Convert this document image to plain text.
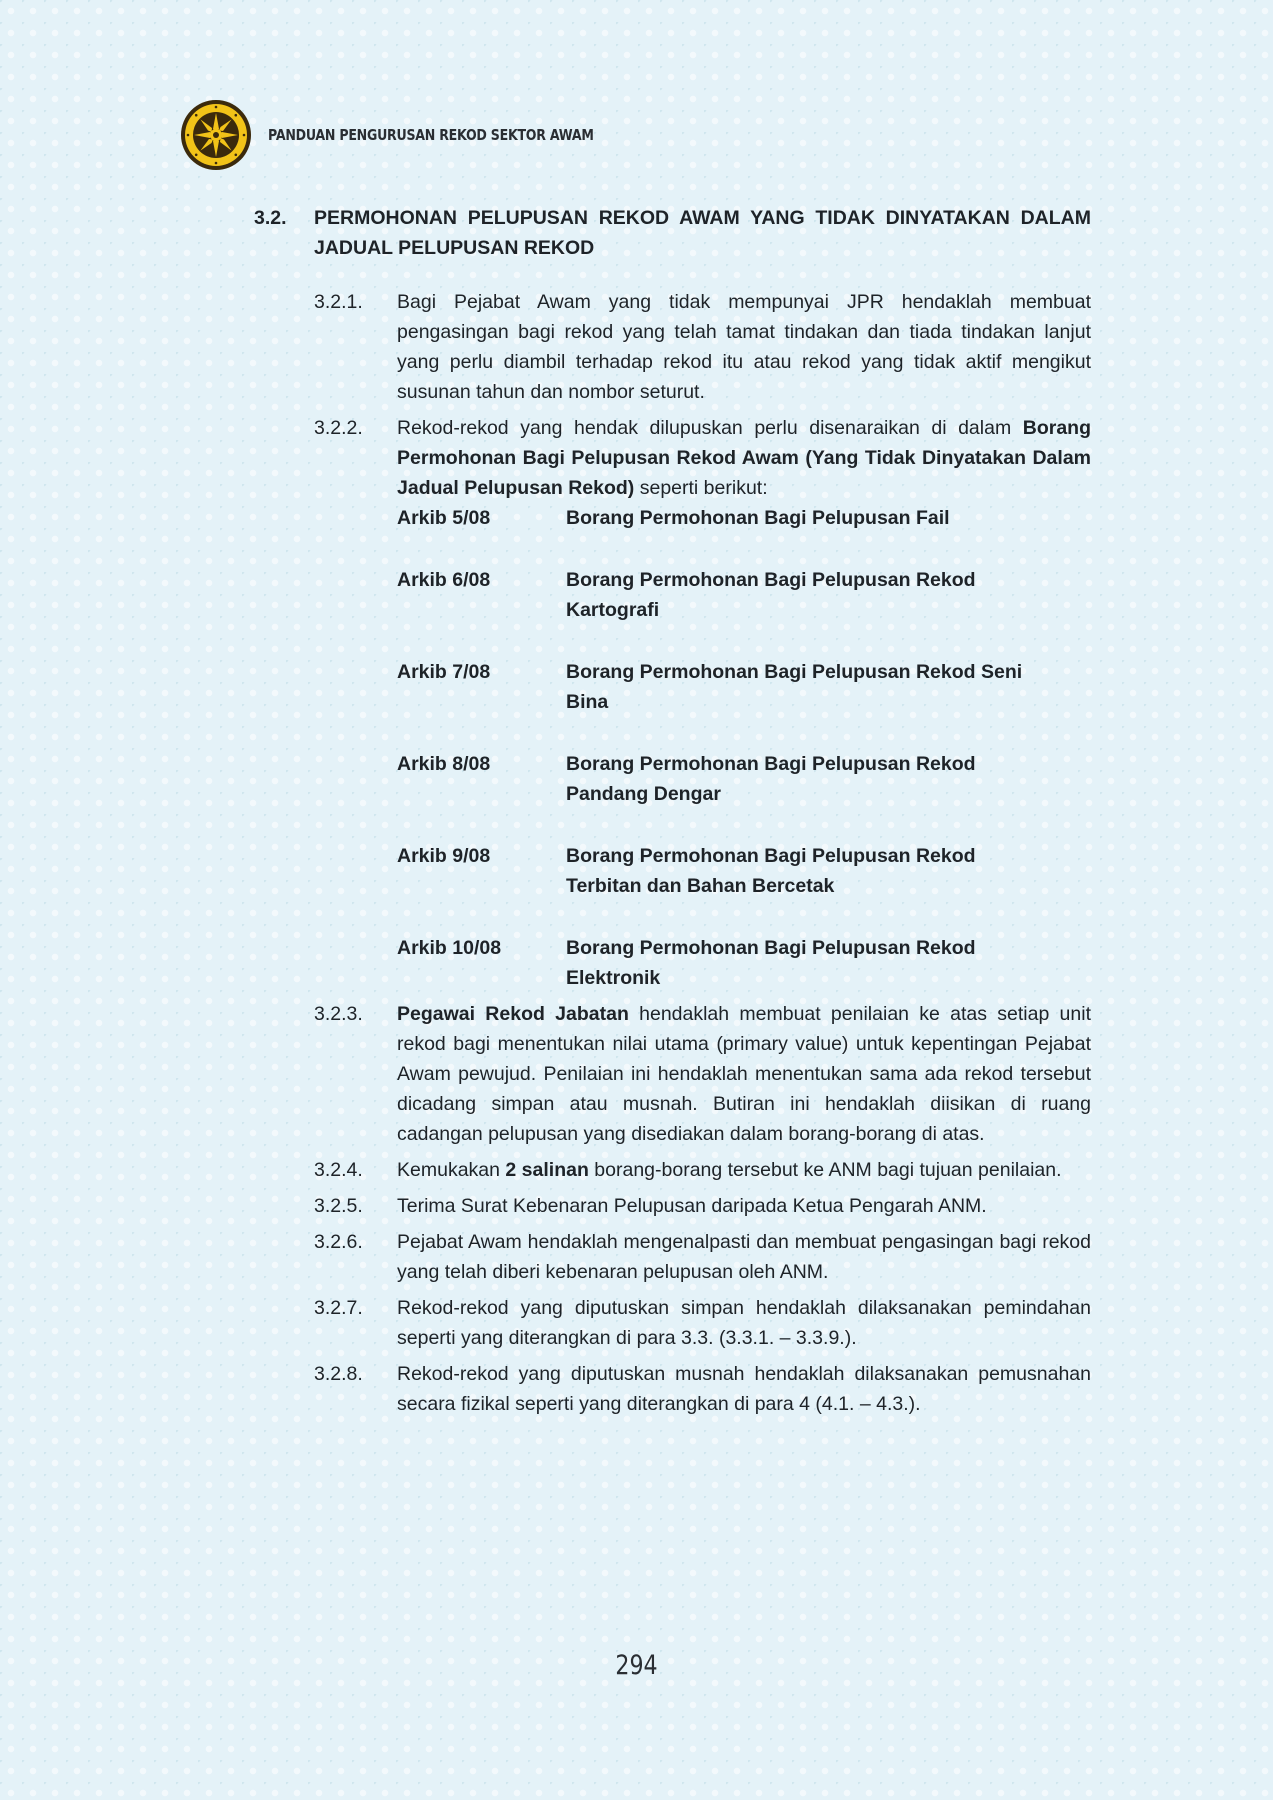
PANDUAN PENGURUSAN REKOD SEKTOR AWAM
3.2.	PERMOHONAN PELUPUSAN REKOD AWAM YANG TIDAK DINYATAKAN DALAM JADUAL PELUPUSAN REKOD
3.2.1.	Bagi Pejabat Awam yang tidak mempunyai JPR hendaklah membuat pengasingan bagi rekod yang telah tamat tindakan dan tiada tindakan lanjut yang perlu diambil terhadap rekod itu atau rekod yang tidak aktif mengikut susunan tahun dan nombor seturut.
3.2.2.	Rekod-rekod yang hendak dilupuskan perlu disenaraikan di dalam Borang Permohonan Bagi Pelupusan Rekod Awam (Yang Tidak Dinyatakan Dalam Jadual Pelupusan Rekod) seperti berikut:
Arkib 5/08	Borang Permohonan Bagi Pelupusan Fail
Arkib 6/08	Borang Permohonan Bagi Pelupusan Rekod Kartografi
Arkib 7/08	Borang Permohonan Bagi Pelupusan Rekod Seni Bina
Arkib 8/08	Borang Permohonan Bagi Pelupusan Rekod Pandang Dengar
Arkib 9/08	Borang Permohonan Bagi Pelupusan Rekod Terbitan dan Bahan Bercetak
Arkib 10/08	Borang Permohonan Bagi Pelupusan Rekod Elektronik
3.2.3.	Pegawai Rekod Jabatan hendaklah membuat penilaian ke atas setiap unit rekod bagi menentukan nilai utama (primary value) untuk kepentingan Pejabat Awam pewujud. Penilaian ini hendaklah menentukan sama ada rekod tersebut dicadang simpan atau musnah. Butiran ini hendaklah diisikan di ruang cadangan pelupusan yang disediakan dalam borang-borang di atas.
3.2.4.	Kemukakan 2 salinan borang-borang tersebut ke ANM bagi tujuan penilaian.
3.2.5.	Terima Surat Kebenaran Pelupusan daripada Ketua Pengarah ANM.
3.2.6.	Pejabat Awam hendaklah mengenalpasti dan membuat pengasingan bagi rekod yang telah diberi kebenaran pelupusan oleh ANM.
3.2.7.	Rekod-rekod yang diputuskan simpan hendaklah dilaksanakan pemindahan seperti yang diterangkan di para 3.3. (3.3.1. – 3.3.9.).
3.2.8.	Rekod-rekod yang diputuskan musnah hendaklah dilaksanakan pemusnahan secara fizikal seperti yang diterangkan di para 4 (4.1. – 4.3.).
294
